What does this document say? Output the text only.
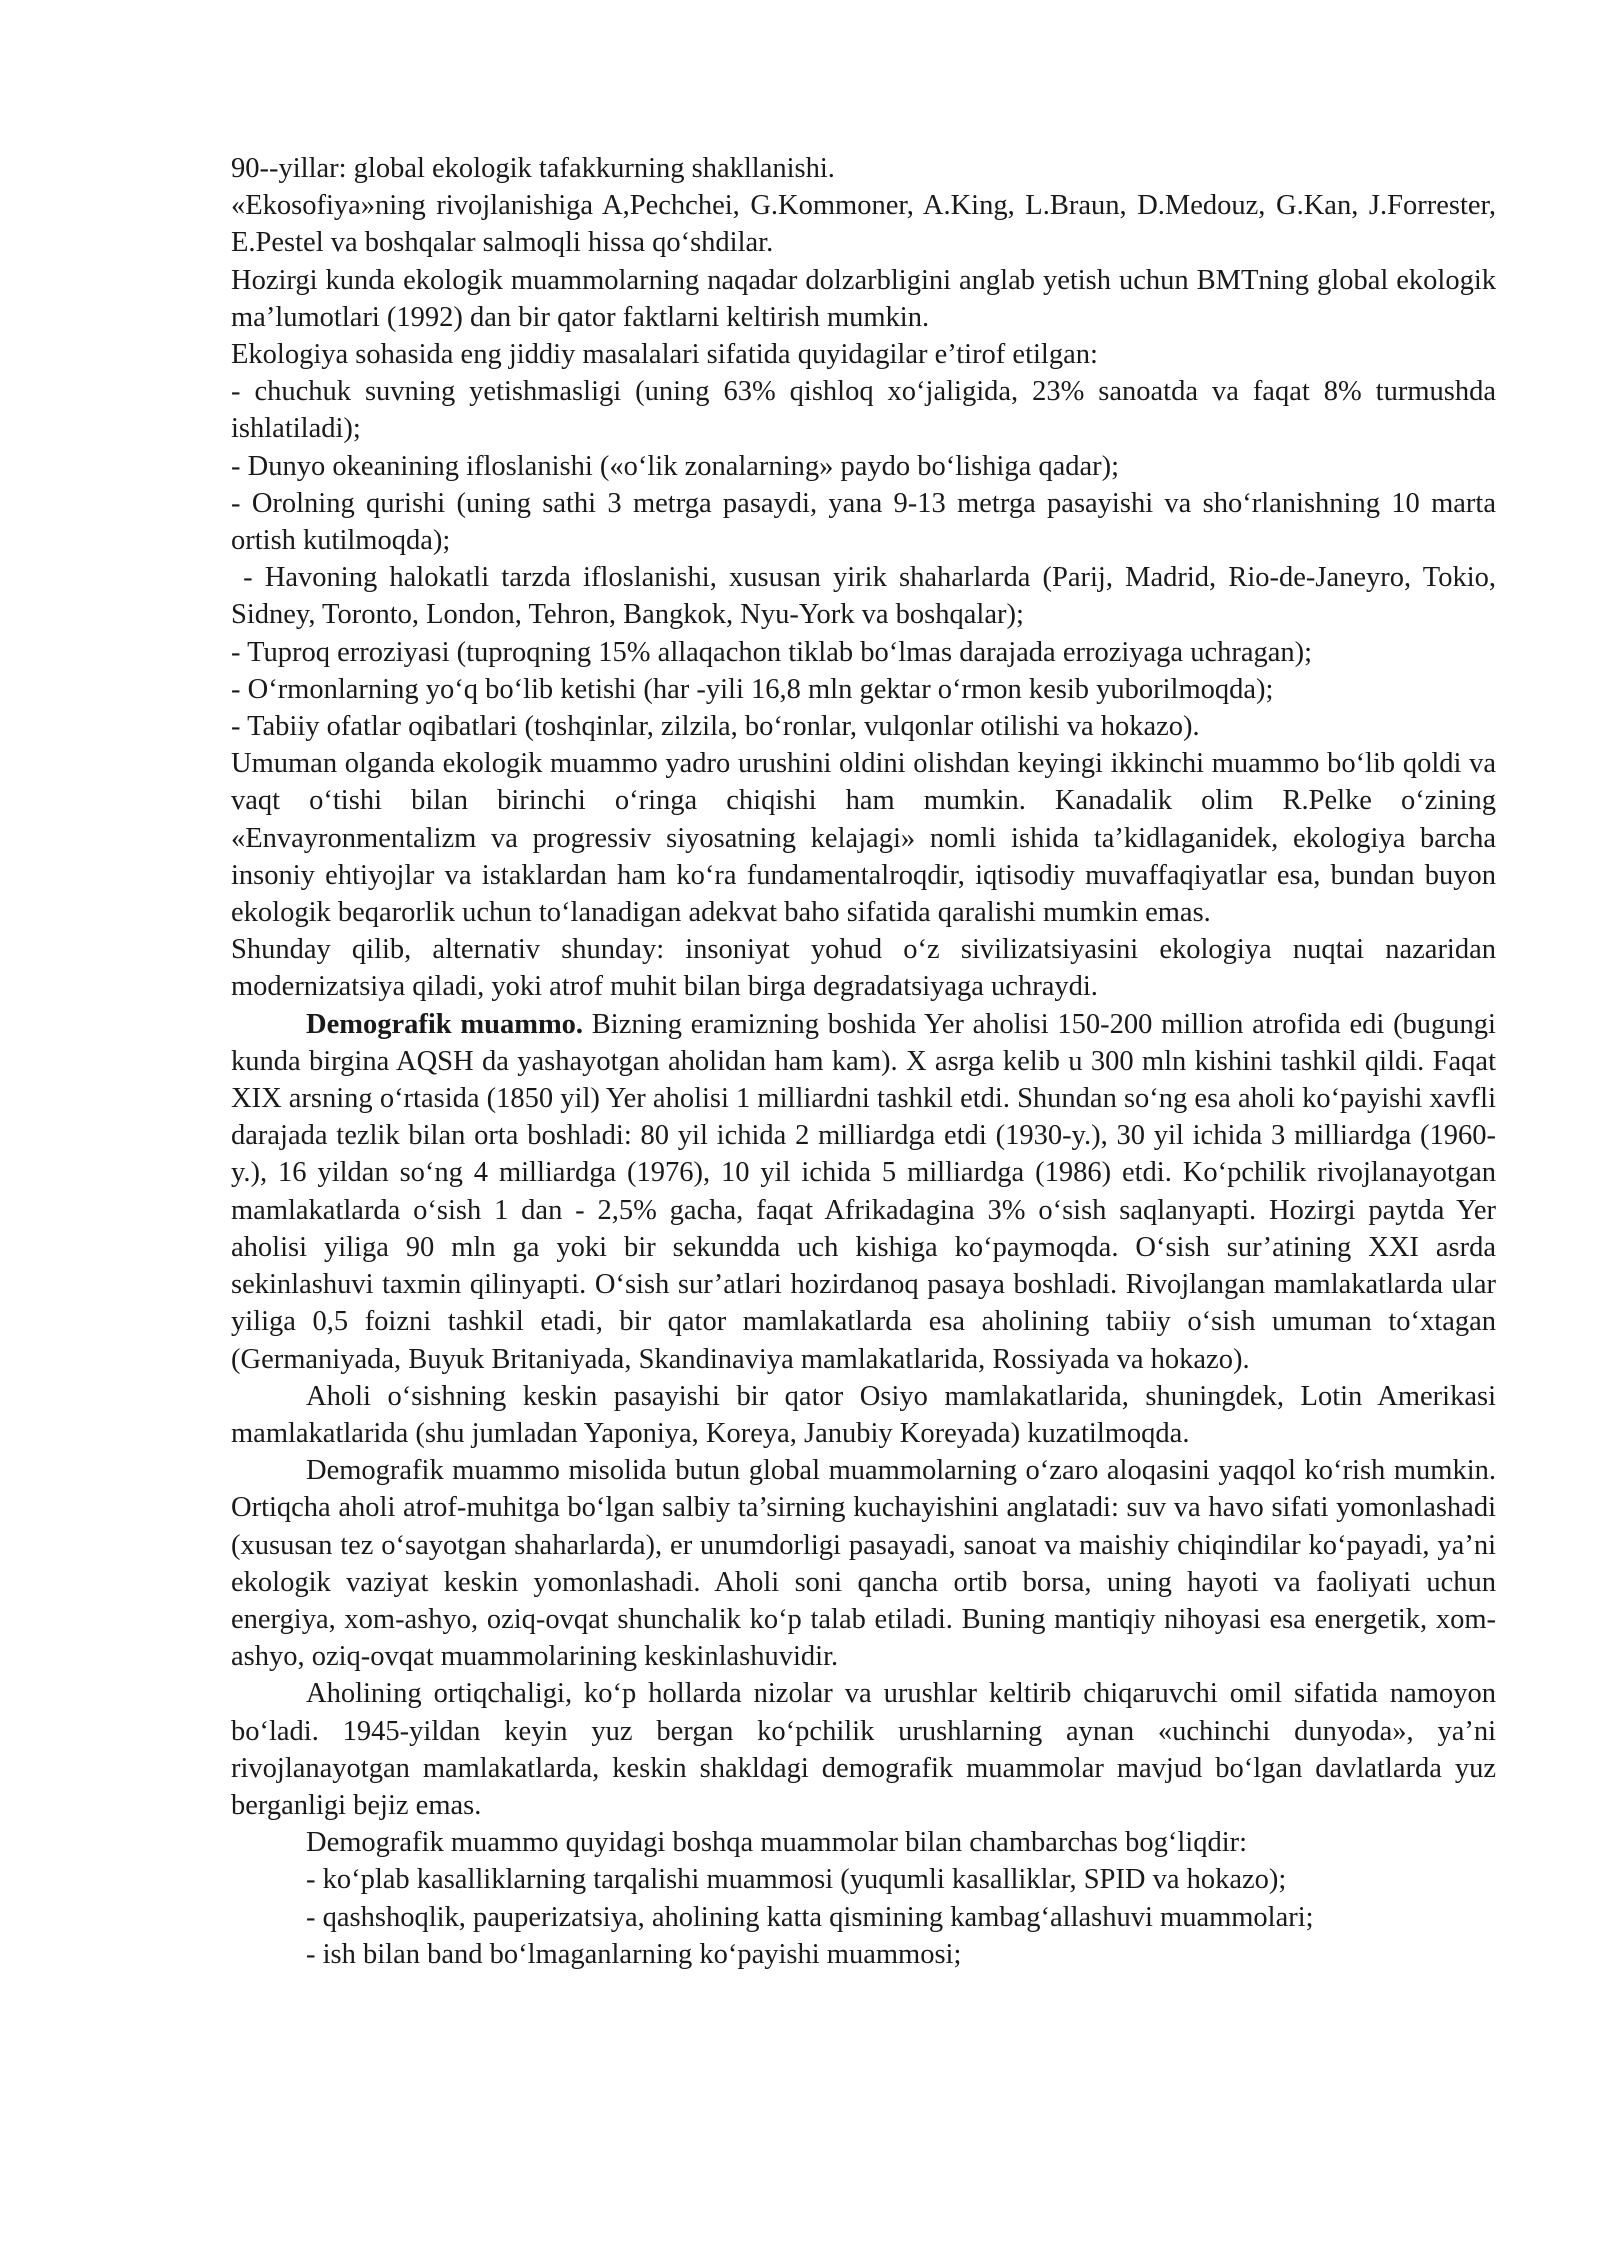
90--yillar: global ekologik tafakkurning shakllanishi.

«Ekosofiya»ning rivojlanishiga A,Pechchei, G.Kommoner, A.King, L.Braun, D.Medouz, G.Kan, J.Forrester, E.Pestel va boshqalar salmoqli hissa qo‘shdilar.

Hozirgi kunda ekologik muammolarning naqadar dolzarbligini anglab yetish uchun BMTning global ekologik ma’lumotlari (1992) dan bir qator faktlarni keltirish mumkin.

Ekologiya sohasida eng jiddiy masalalari sifatida quyidagilar e’tirof etilgan:

- chuchuk suvning yetishmasligi (uning 63% qishloq xo‘jaligida, 23% sanoatda va faqat 8% turmushda ishlatiladi);

- Dunyo okeanining ifloslanishi («o‘lik zonalarning» paydo bo‘lishiga qadar);

- Orolning qurishi (uning sathi 3 metrga pasaydi, yana 9-13 metrga pasayishi va sho‘rlanishning 10 marta ortish kutilmoqda);

- Havoning halokatli tarzda ifloslanishi, xususan yirik shaharlarda (Parij, Madrid, Rio-de-Janeyro, Tokio, Sidney, Toronto, London, Tehron, Bangkok, Nyu-York va boshqalar);

- Tuproq erroziyasi (tuproqning 15% allaqachon tiklab bo‘lmas darajada erroziyaga uchragan);

- O‘rmonlarning yo‘q bo‘lib ketishi (har -yili 16,8 mln gektar o‘rmon kesib yuborilmoqda);

- Tabiiy ofatlar oqibatlari (toshqinlar, zilzila, bo‘ronlar, vulqonlar otilishi va hokazo).

Umuman olganda ekologik muammo yadro urushini oldini olishdan keyingi ikkinchi muammo bo‘lib qoldi va vaqt o‘tishi bilan birinchi o‘ringa chiqishi ham mumkin. Kanadalik olim R.Pelke o‘zining «Envayronmentalizm va progressiv siyosatning kelajagi» nomli ishida ta’kidlaganidek, ekologiya barcha insoniy ehtiyojlar va istaklardan ham ko‘ra fundamentalroqdir, iqtisodiy muvaffaqiyatlar esa, bundan buyon ekologik beqarorlik uchun to‘lanadigan adekvat baho sifatida qaralishi mumkin emas.

Shunday qilib, alternativ shunday: insoniyat yohud o‘z sivilizatsiyasini ekologiya nuqtai nazaridan modernizatsiya qiladi, yoki atrof muhit bilan birga degradatsiyaga uchraydi.

Demografik muammo. Bizning eramizning boshida Yer aholisi 150-200 million atrofida edi (bugungi kunda birgina AQSH da yashayotgan aholidan ham kam). X asrga kelib u 300 mln kishini tashkil qildi. Faqat XIX arsning o‘rtasida (1850 yil) Yer aholisi 1 milliardni tashkil etdi. Shundan so‘ng esa aholi ko‘payishi xavfli darajada tezlik bilan orta boshladi: 80 yil ichida 2 milliardga etdi (1930-y.), 30 yil ichida 3 milliardga (1960-y.), 16 yildan so‘ng 4 milliardga (1976), 10 yil ichida 5 milliardga (1986) etdi. Ko‘pchilik rivojlanayotgan mamlakatlarda o‘sish 1 dan - 2,5% gacha, faqat Afrikadagina 3% o‘sish saqlanyapti. Hozirgi paytda Yer aholisi yiliga 90 mln ga yoki bir sekundda uch kishiga ko‘paymoqda. O‘sish sur’atining XXI asrda sekinlashuvi taxmin qilinyapti. O‘sish sur’atlari hozirdanoq pasaya boshladi. Rivojlangan mamlakatlarda ular yiliga 0,5 foizni tashkil etadi, bir qator mamlakatlarda esa aholining tabiiy o‘sish umuman to‘xtagan (Germaniyada, Buyuk Britaniyada, Skandinaviya mamlakatlarida, Rossiyada va hokazo).

Aholi o‘sishning keskin pasayishi bir qator Osiyo mamlakatlarida, shuningdek, Lotin Amerikasi mamlakatlarida (shu jumladan Yaponiya, Koreya, Janubiy Koreyada) kuzatilmoqda.

Demografik muammo misolida butun global muammolarning o‘zaro aloqasini yaqqol ko‘rish mumkin. Ortiqcha aholi atrof-muhitga bo‘lgan salbiy ta’sirning kuchayishini anglatadi: suv va havo sifati yomonlashadi (xususan tez o‘sayotgan shaharlarda), er unumdorligi pasayadi, sanoat va maishiy chiqindilar ko‘payadi, ya’ni ekologik vaziyat keskin yomonlashadi. Aholi soni qancha ortib borsa, uning hayoti va faoliyati uchun energiya, xom-ashyo, oziq-ovqat shunchalik ko‘p talab etiladi. Buning mantiqiy nihoyasi esa energetik, xom-ashyo, oziq-ovqat muammolarining keskinlashuvidir.

Aholining ortiqchaligi, ko‘p hollarda nizolar va urushlar keltirib chiqaruvchi omil sifatida namoyon bo‘ladi. 1945-yildan keyin yuz bergan ko‘pchilik urushlarning aynan «uchinchi dunyoda», ya’ni rivojlanayotgan mamlakatlarda, keskin shakldagi demografik muammolar mavjud bo‘lgan davlatlarda yuz berganligi bejiz emas.

Demografik muammo quyidagi boshqa muammolar bilan chambarchas bog‘liqdir:

- ko‘plab kasalliklarning tarqalishi muammosi (yuqumli kasalliklar, SPID va hokazo);

- qashshoqlik, pauperizatsiya, aholining katta qismining kambag‘allashuvi muammolari;

- ish bilan band bo‘lmaganlarning ko‘payishi muammosi;
